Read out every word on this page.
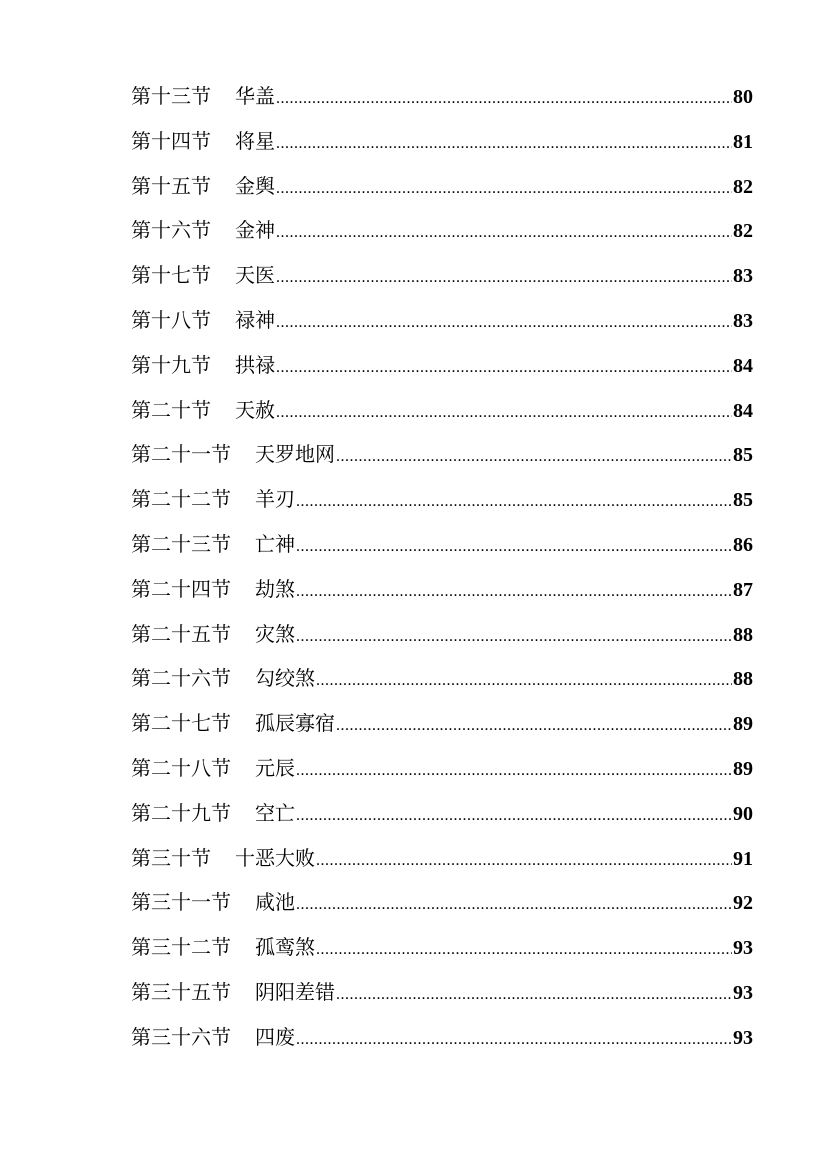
第十三节 华盖 .....	80
第十四节 将星 .....	81
第十五节 金舆 .....	82
第十六节 金神 .....	82
第十七节 天医 .....	83
第十八节 禄神 .....	83
第十九节 拱禄 .....	84
第二十节 天赦 .....	84
第二十一节 天罗地网 .....	85
第二十二节 羊刃 .....	85
第二十三节 亡神 .....	86
第二十四节 劫煞 .....	87
第二十五节 灾煞 .....	88
第二十六节 勾绞煞 .....	88
第二十七节 孤辰寡宿 .....	89
第二十八节 元辰 .....	89
第二十九节 空亡 .....	90
第三十节 十恶大败 .....	91
第三十一节 咸池 .....	92
第三十二节 孤鸾煞 .....	93
第三十五节 阴阳差错 .....	93
第三十六节 四废 .....	93
